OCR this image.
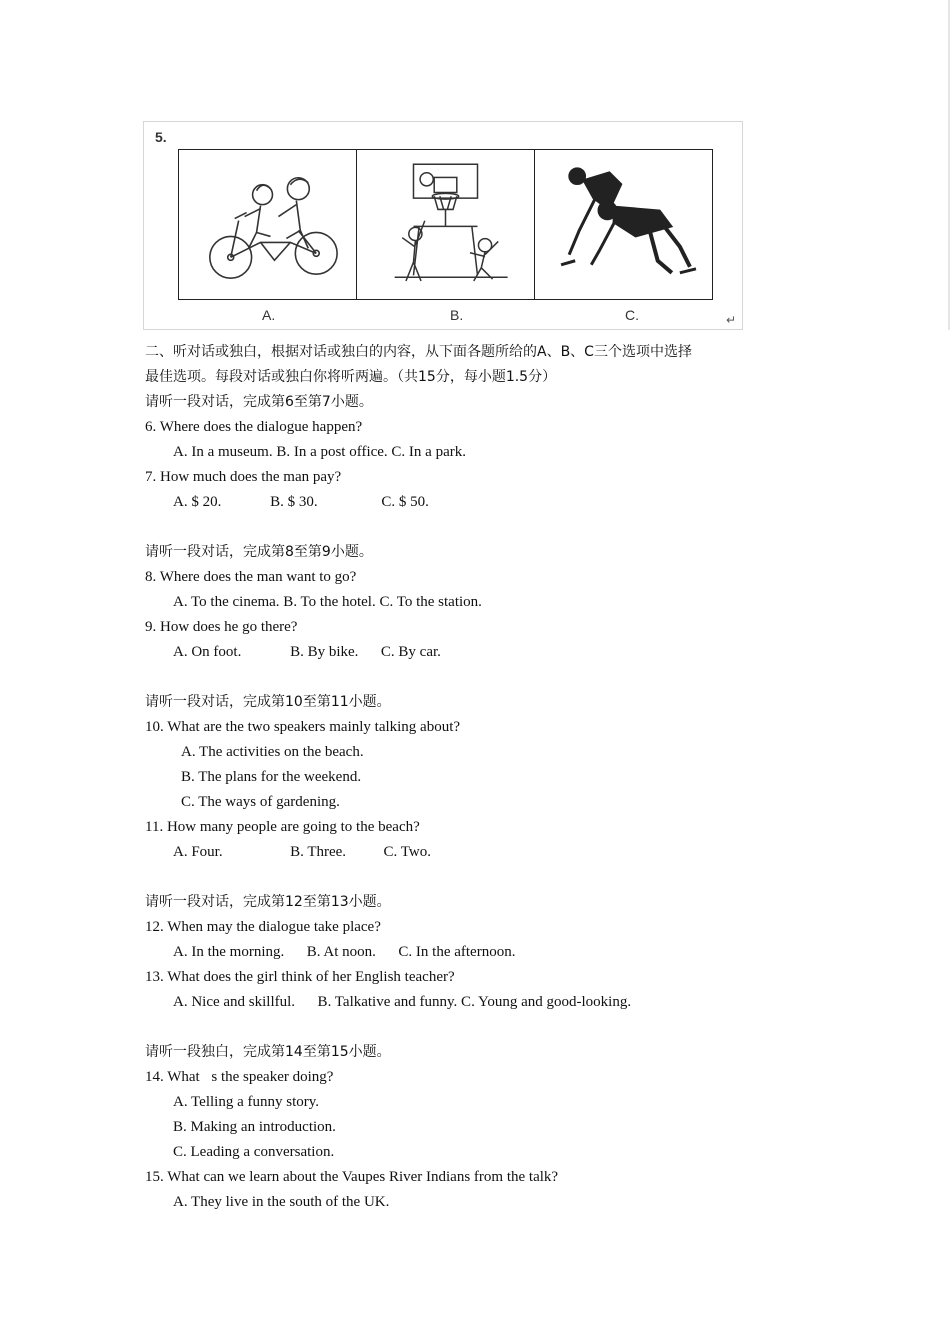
5.
A.	B.	C.	↵
二、听对话或独白，根据对话或独白的内容，从下面各题所给的A、B、C三个选项中选择
最佳选项。每段对话或独白你将听两遍。（共15分，每小题1.5分）
请听一段对话，完成第6至第7小题。
6. Where does the dialogue happen?
A. In a museum. B. In a post office. C. In a park.
7. How much does the man pay?
A. $ 20.             B. $ 30.                 C. $ 50.
请听一段对话，完成第8至第9小题。
8. Where does the man want to go?
A. To the cinema. B. To the hotel. C. To the station.
9. How does he go there?
A. On foot.             B. By bike.      C. By car.
请听一段对话，完成第10至第11小题。
10. What are the two speakers mainly talking about?
A. The activities on the beach.
B. The plans for the weekend.
C. The ways of gardening.
11. How many people are going to the beach?
A. Four.                  B. Three.          C. Two.
请听一段对话，完成第12至第13小题。
12. When may the dialogue take place?
A. In the morning.      B. At noon.      C. In the afternoon.
13. What does the girl think of her English teacher?
A. Nice and skillful.      B. Talkative and funny. C. Young and good-looking.
请听一段独白，完成第14至第15小题。
14. What s the speaker doing?
A. Telling a funny story.
B. Making an introduction.
C. Leading a conversation.
15. What can we learn about the Vaupes River Indians from the talk?
A. They live in the south of the UK.
